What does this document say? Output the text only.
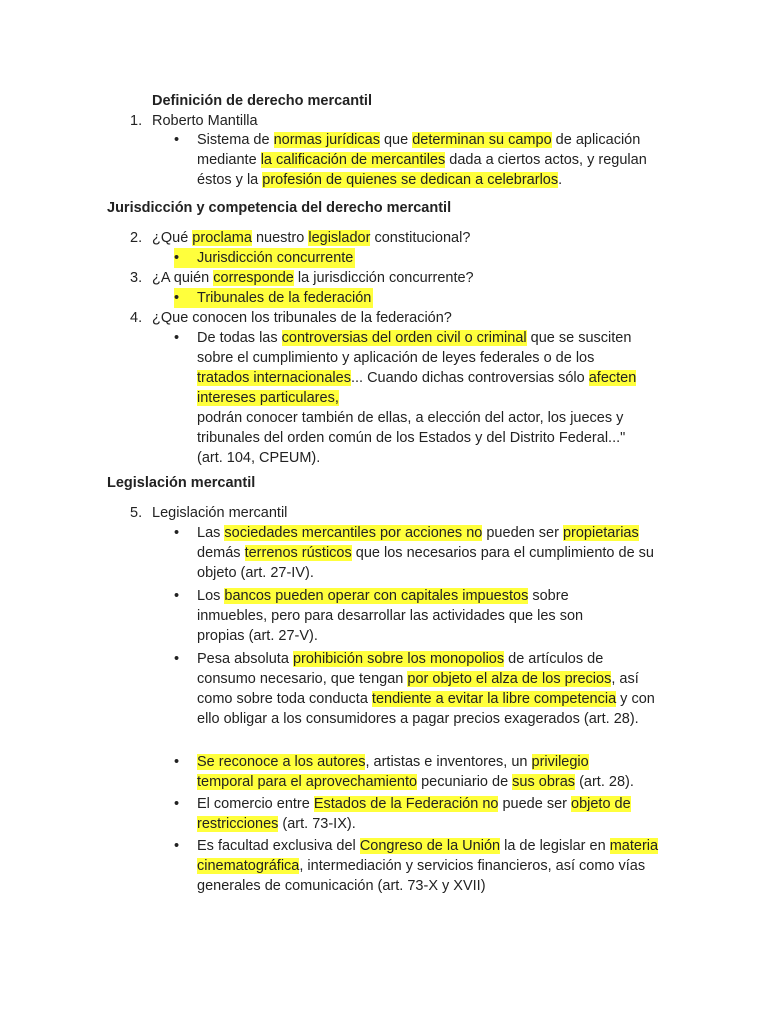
Definición de derecho mercantil
1. Roberto Mantilla
•	Sistema de normas jurídicas que determinan su campo de aplicación mediante la calificación de mercantiles dada a ciertos actos, y regulan éstos y la profesión de quienes se dedican a celebrarlos.
Jurisdicción y competencia del derecho mercantil
2. ¿Qué proclama nuestro legislador constitucional?
• Jurisdicción concurrente
3. ¿A quién corresponde la jurisdicción concurrente?
• Tribunales de la federación
4. ¿Que conocen los tribunales de la federación?
•	De todas las controversias del orden civil o criminal que se susciten sobre el cumplimiento y aplicación de leyes federales o de los tratados internacionales... Cuando dichas controversias sólo afecten intereses particulares,
podrán conocer también de ellas, a elección del actor, los jueces y tribunales del orden común de los Estados y del Distrito Federal..." (art. 104, CPEUM).
Legislación mercantil
5. Legislación mercantil
•	Las sociedades mercantiles por acciones no pueden ser propietarias demás terrenos rústicos que los necesarios para el cumplimiento de su objeto (art. 27-IV).
•	Los bancos pueden operar con capitales impuestos sobre inmuebles, pero para desarrollar las actividades que les son propias (art. 27-V).
•	Pesa absoluta prohibición sobre los monopolios de artículos de consumo necesario, que tengan por objeto el alza de los precios, así como sobre toda conducta tendiente a evitar la libre competencia y con ello obligar a los consumidores a pagar precios exagerados (art. 28).
•	Se reconoce a los autores, artistas e inventores, un privilegio temporal para el aprovechamiento pecuniario de sus obras (art. 28).
•	El comercio entre Estados de la Federación no puede ser objeto de restricciones (art. 73-IX).
•	Es facultad exclusiva del Congreso de la Unión la de legislar en materia cinematográfica, intermediación y servicios financieros, así como vías generales de comunicación (art. 73-X y XVII)
